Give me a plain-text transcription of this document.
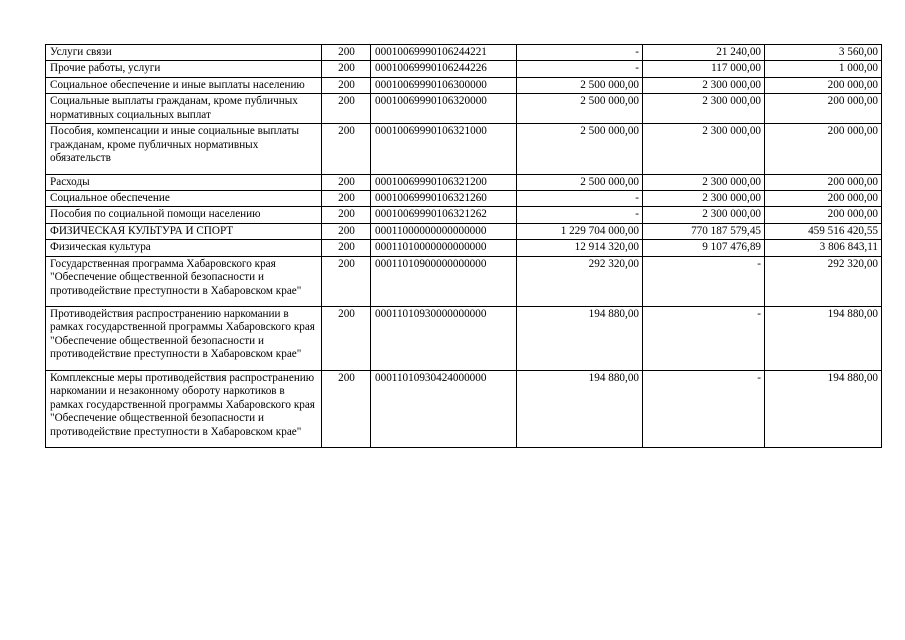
Услуги связи	200	00010069990106244221	-	21 240,00	3 560,00
Прочие работы, услуги	200	00010069990106244226	-	117 000,00	1 000,00
Социальное обеспечение и иные выплаты населению	200	00010069990106300000	2 500 000,00	2 300 000,00	200 000,00
Социальные выплаты гражданам, кроме публичных нормативных социальных выплат	200	00010069990106320000	2 500 000,00	2 300 000,00	200 000,00
Пособия, компенсации и иные социальные выплаты гражданам, кроме публичных нормативных обязательств	200	00010069990106321000	2 500 000,00	2 300 000,00	200 000,00
Расходы	200	00010069990106321200	2 500 000,00	2 300 000,00	200 000,00
Социальное обеспечение	200	00010069990106321260	-	2 300 000,00	200 000,00
Пособия по социальной помощи населению	200	00010069990106321262	-	2 300 000,00	200 000,00
ФИЗИЧЕСКАЯ КУЛЬТУРА И СПОРТ	200	00011000000000000000	1 229 704 000,00	770 187 579,45	459 516 420,55
Физическая культура	200	00011010000000000000	12 914 320,00	9 107 476,89	3 806 843,11
Государственная программа Хабаровского края "Обеспечение общественной безопасности и противодействие преступности в Хабаровском крае"	200	00011010900000000000	292 320,00	-	292 320,00
Противодействия распространению наркомании в рамках государственной программы Хабаровского края "Обеспечение общественной безопасности и противодействие преступности в Хабаровском крае"	200	00011010930000000000	194 880,00	-	194 880,00
Комплексные меры противодействия распространению наркомании и незаконному обороту наркотиков в рамках государственной программы Хабаровского края "Обеспечение общественной безопасности и противодействие преступности в Хабаровском крае"	200	00011010930424000000	194 880,00	-	194 880,00
